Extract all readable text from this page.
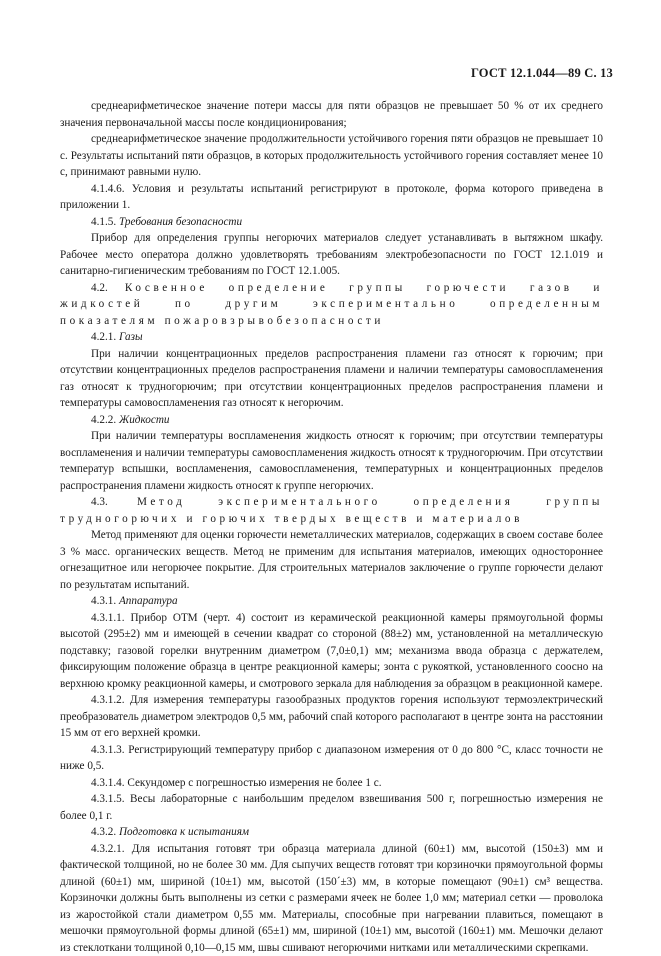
ГОСТ 12.1.044—89 С. 13

среднеарифметическое значение потери массы для пяти образцов не превышает 50 % от их среднего значения первоначальной массы после кондиционирования;

среднеарифметическое значение продолжительности устойчивого горения пяти образцов не превышает 10 с. Результаты испытаний пяти образцов, в которых продолжительность устойчивого горения составляет менее 10 с, принимают равными нулю.

4.1.4.6. Условия и результаты испытаний регистрируют в протоколе, форма которого приведена в приложении 1.

4.1.5. Требования безопасности

Прибор для определения группы негорючих материалов следует устанавливать в вытяжном шкафу. Рабочее место оператора должно удовлетворять требованиям электробезопасности по ГОСТ 12.1.019 и санитарно-гигиеническим требованиям по ГОСТ 12.1.005.

4.2. Косвенное определение группы горючести газов и жидкостей по другим экспериментально определенным показателям пожаровзрывобезопасности

4.2.1. Газы

При наличии концентрационных пределов распространения пламени газ относят к горючим; при отсутствии концентрационных пределов распространения пламени и наличии температуры самовоспламенения газ относят к трудногорючим; при отсутствии концентрационных пределов распространения пламени и температуры самовоспламенения газ относят к негорючим.

4.2.2. Жидкости

При наличии температуры воспламенения жидкость относят к горючим; при отсутствии температуры воспламенения и наличии температуры самовоспламенения жидкость относят к трудногорючим. При отсутствии температур вспышки, воспламенения, самовоспламенения, температурных и концентрационных пределов распространения пламени жидкость относят к группе негорючих.

4.3.	Метод экспериментального определения группы трудногорючих и горючих твердых веществ и материалов

Метод применяют для оценки горючести неметаллических материалов, содержащих в своем составе более 3 % масс. органических веществ. Метод не применим для испытания материалов, имеющих одностороннее огнезащитное или негорючее покрытие. Для строительных материалов заключение о группе горючести делают по результатам испытаний.

4.3.1. Аппаратура

4.3.1.1. Прибор ОТМ (черт. 4) состоит из керамической реакционной камеры прямоугольной формы высотой (295±2) мм и имеющей в сечении квадрат со стороной (88±2) мм, установленной на металлическую подставку; газовой горелки внутренним диаметром (7,0±0,1) мм; механизма ввода образца с держателем, фиксирующим положение образца в центре реакционной камеры; зонта с рукояткой, установленного соосно на верхнюю кромку реакционной камеры, и смотрового зеркала для наблюдения за образцом в реакционной камере.

4.3.1.2. Для измерения температуры газообразных продуктов горения используют термоэлектрический преобразователь диаметром электродов 0,5 мм, рабочий спай которого располагают в центре зонта на расстоянии 15 мм от его верхней кромки.

4.3.1.3. Регистрирующий температуру прибор с диапазоном измерения от 0 до 800 °С, класс точности не ниже 0,5.

4.3.1.4. Секундомер с погрешностью измерения не более 1 с.

4.3.1.5. Весы лабораторные с наибольшим пределом взвешивания 500 г, погрешностью измерения не более 0,1 г.

4.3.2. Подготовка к испытаниям

4.3.2.1. Для испытания готовят три образца материала длиной (60±1) мм, высотой (150±3) мм и фактической толщиной, но не более 30 мм. Для сыпучих веществ готовят три корзиночки прямоугольной формы длиной (60±1) мм, шириной (10±1) мм, высотой (150´±3) мм, в которые помещают (90±1) см³ вещества. Корзиночки должны быть выполнены из сетки с размерами ячеек не более 1,0 мм; материал сетки — проволока из жаростойкой стали диаметром 0,55 мм. Материалы, способные при нагревании плавиться, помещают в мешочки прямоугольной формы длиной (65±1) мм, шириной (10±1) мм, высотой (160±1) мм. Мешочки делают из стеклоткани толщиной 0,10—0,15 мм, швы сшивают негорючими нитками или металлическими скрепками.
